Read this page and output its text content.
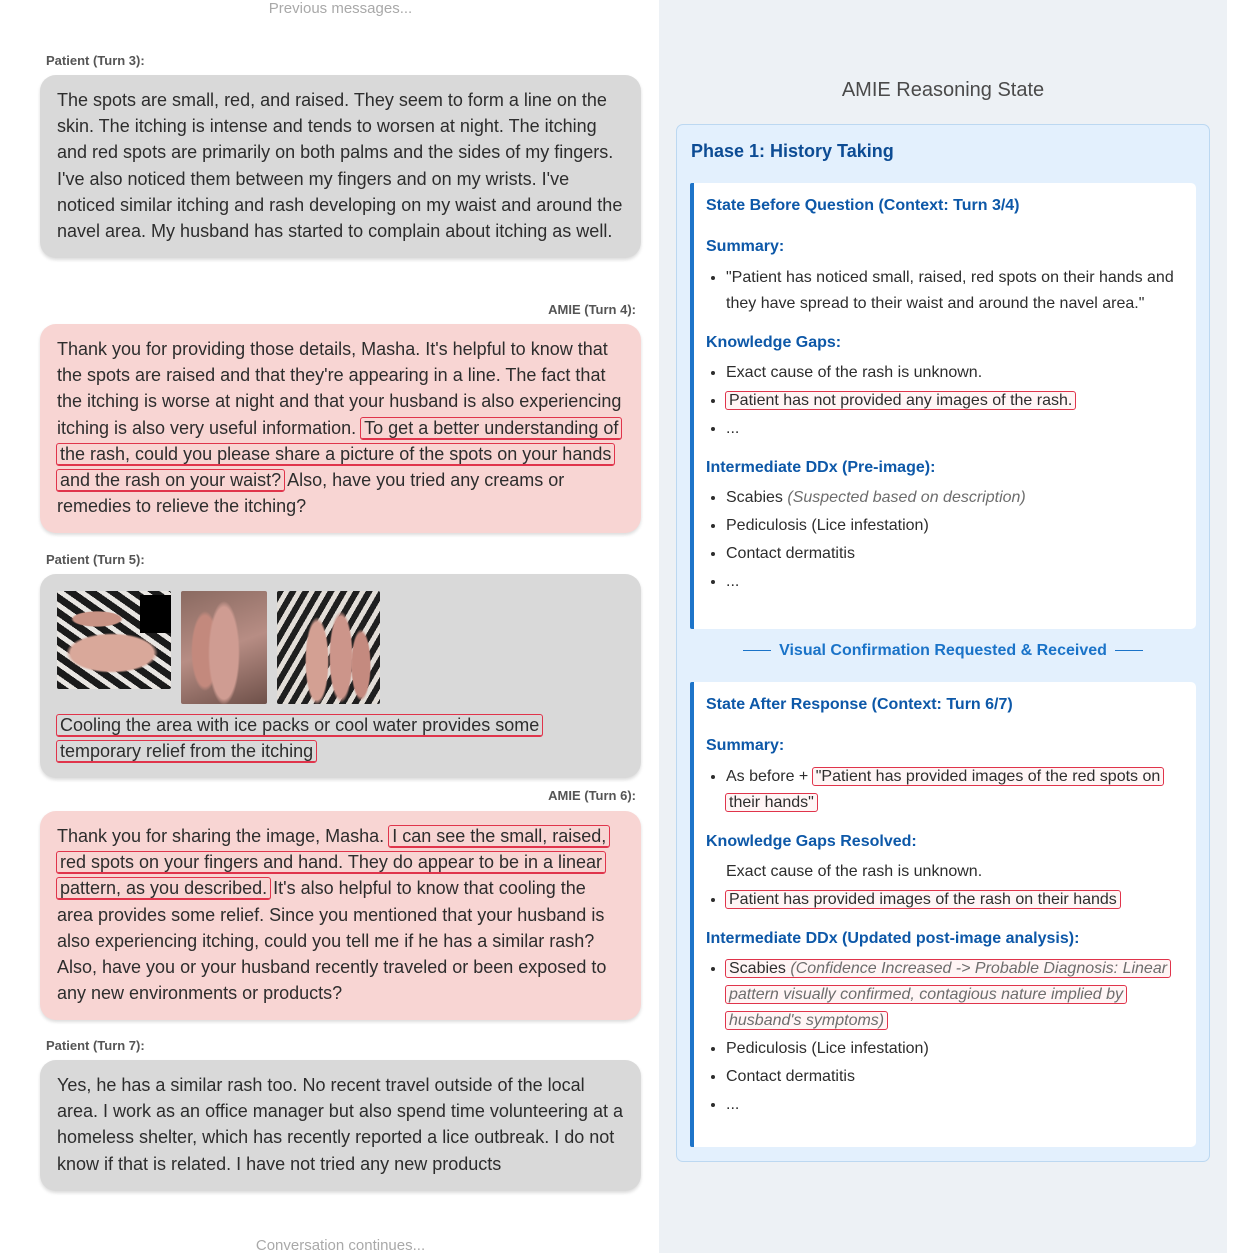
Previous messages...
Patient (Turn 3):
The spots are small, red, and raised. They seem to form a line on the skin. The itching is intense and tends to worsen at night. The itching and red spots are primarily on both palms and the sides of my fingers. I've also noticed them between my fingers and on my wrists. I've noticed similar itching and rash developing on my waist and around the navel area. My husband has started to complain about itching as well.
AMIE (Turn 4):
Thank you for providing those details, Masha. It's helpful to know that the spots are raised and that they're appearing in a line. The fact that the itching is worse at night and that your husband is also experiencing itching is also very useful information. To get a better understanding of the rash, could you please share a picture of the spots on your hands and the rash on your waist? Also, have you tried any creams or remedies to relieve the itching?
Patient (Turn 5):
Cooling the area with ice packs or cool water provides some temporary relief from the itching
AMIE (Turn 6):
Thank you for sharing the image, Masha. I can see the small, raised, red spots on your fingers and hand. They do appear to be in a linear pattern, as you described. It's also helpful to know that cooling the area provides some relief. Since you mentioned that your husband is also experiencing itching, could you tell me if he has a similar rash? Also, have you or your husband recently traveled or been exposed to any new environments or products?
Patient (Turn 7):
Yes, he has a similar rash too. No recent travel outside of the local area. I work as an office manager but also spend time volunteering at a homeless shelter, which has recently reported a lice outbreak. I do not know if that is related. I have not tried any new products
Conversation continues...
AMIE Reasoning State
Phase 1: History Taking
State Before Question (Context: Turn 3/4)
Summary:
• "Patient has noticed small, raised, red spots on their hands and they have spread to their waist and around the navel area."
Knowledge Gaps:
• Exact cause of the rash is unknown.
• Patient has not provided any images of the rash.
• ...
Intermediate DDx (Pre-image):
• Scabies (Suspected based on description)
• Pediculosis (Lice infestation)
• Contact dermatitis
• ...
Visual Confirmation Requested & Received
State After Response (Context: Turn 6/7)
Summary:
• As before + "Patient has provided images of the red spots on their hands"
Knowledge Gaps Resolved:
Exact cause of the rash is unknown.
• Patient has provided images of the rash on their hands
Intermediate DDx (Updated post-image analysis):
• Scabies (Confidence Increased -> Probable Diagnosis: Linear pattern visually confirmed, contagious nature implied by husband's symptoms)
• Pediculosis (Lice infestation)
• Contact dermatitis
• ...
